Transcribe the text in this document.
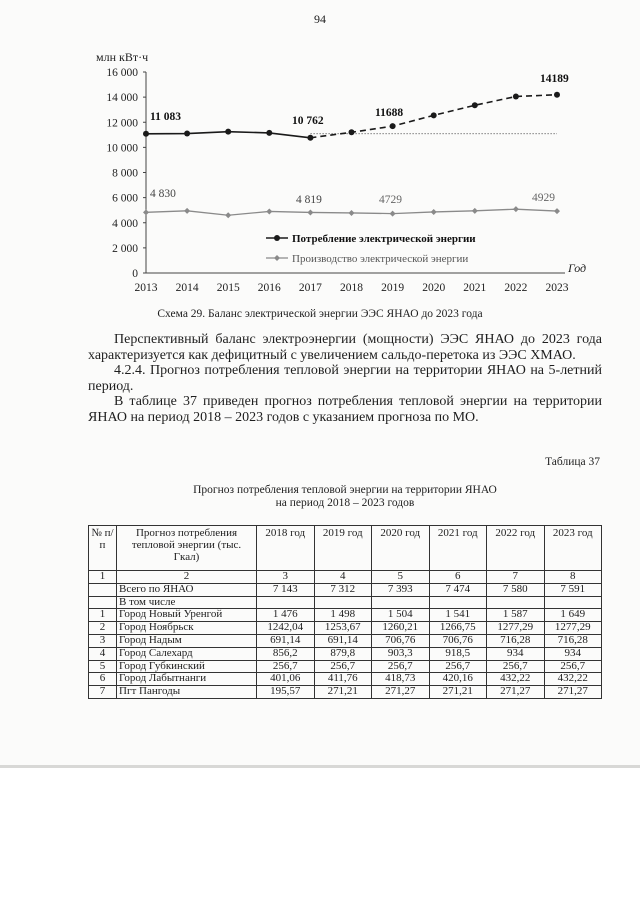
94
млн кВт·ч
Год
0
2 000
4 000
6 000
8 000
10 000
12 000
14 000
16 000
2013 2014 2015 2016 2017 2018 2019 2020 2021 2022 2023
11 083	10 762
11688
14189
4 830	4 819	4729	4929
Потребление электрической энергии
Производство электрической энергии
Схема 29. Баланс электрической энергии ЭЭС ЯНАО до 2023 года

Перспективный баланс электроэнергии (мощности) ЭЭС ЯНАО до 2023 года характеризуется как дефицитный с увеличением сальдо-перетока из ЭЭС ХМАО.

4.2.4. Прогноз потребления тепловой энергии на территории ЯНАО на 5-летний период.

В таблице 37 приведен прогноз потребления тепловой энергии на территории ЯНАО на период 2018 – 2023 годов с указанием прогноза по МО.

Таблица 37
Прогноз потребления тепловой энергии на территории ЯНАО
на период 2018 – 2023 годов
№ п/п	Прогноз потребления тепловой энергии (тыс. Гкал)	2018 год	2019 год	2020 год	2021 год	2022 год	2023 год
1	2	3	4	5	6	7	8
	Всего по ЯНАО	7 143	7 312	7 393	7 474	7 580	7 591
	В том числе						
1	Город Новый Уренгой	1 476	1 498	1 504	1 541	1 587	1 649
2	Город Ноябрьск	1242,04	1253,67	1260,21	1266,75	1277,29	1277,29
3	Город Надым	691,14	691,14	706,76	706,76	716,28	716,28
4	Город Салехард	856,2	879,8	903,3	918,5	934	934
5	Город Губкинский	256,7	256,7	256,7	256,7	256,7	256,7
6	Город Лабытнанги	401,06	411,76	418,73	420,16	432,22	432,22
7	Пгт Пангоды	195,57	271,21	271,27	271,21	271,27	271,27
